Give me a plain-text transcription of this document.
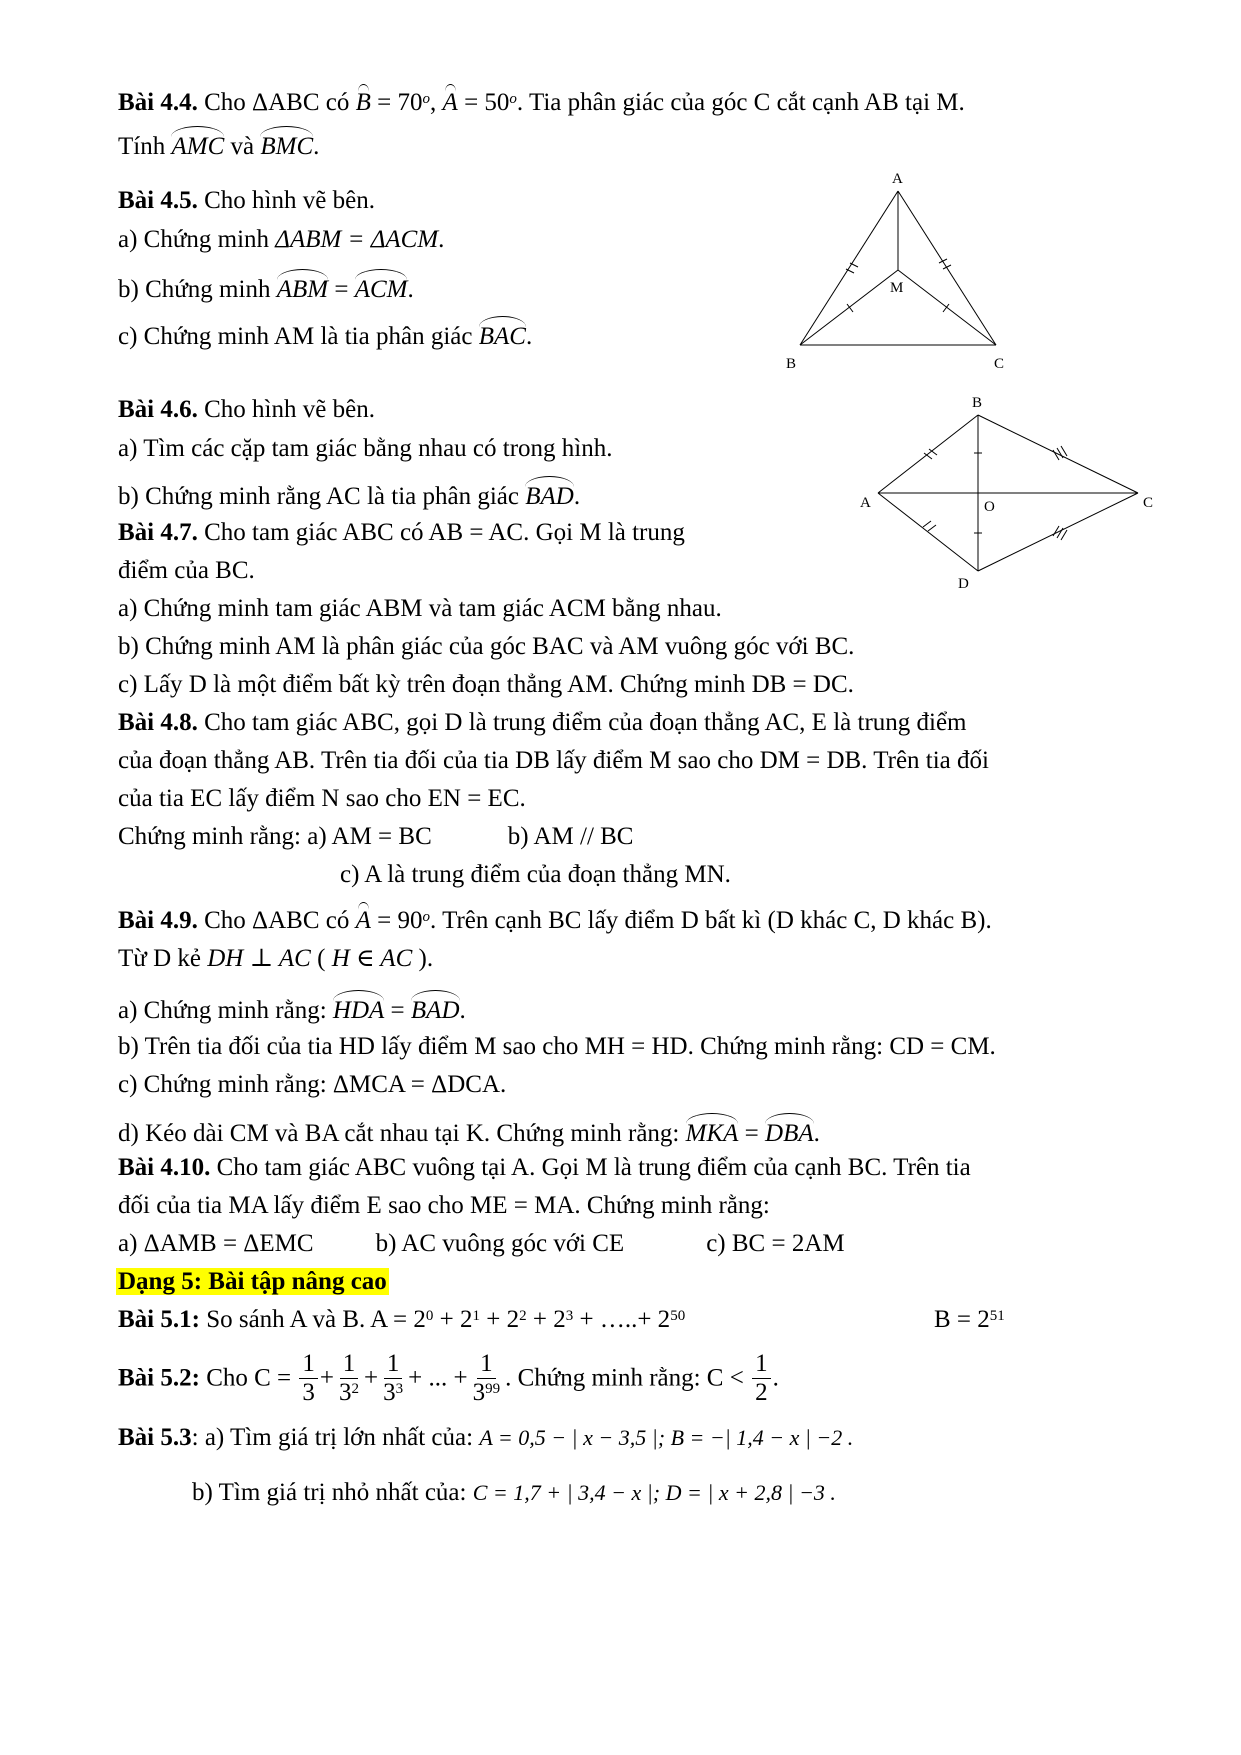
Bài 4.4. Cho ΔABC có $B = 70^o$, $A = 50^o$. Tia phân giác của góc C cắt cạnh AB tại M.
Tính AMC và BMC.
Bài 4.5. Cho hình vẽ bên.
a) Chứng minh ΔABM = ΔACM.
b) Chứng minh ABM = ACM.
c) Chứng minh AM là tia phân giác BAC.
A
B	C
M
Bài 4.6. Cho hình vẽ bên.
a) Tìm các cặp tam giác bằng nhau có trong hình.
b) Chứng minh rằng AC là tia phân giác BAD.
B
A	C
O
D
Bài 4.7. Cho tam giác ABC có AB = AC. Gọi M là trung
điểm của BC.
a) Chứng minh tam giác ABM và tam giác ACM bằng nhau.
b) Chứng minh AM là phân giác của góc BAC và AM vuông góc với BC.
c) Lấy D là một điểm bất kỳ trên đoạn thẳng AM. Chứng minh DB = DC.
Bài 4.8. Cho tam giác ABC, gọi D là trung điểm của đoạn thẳng AC, E là trung điểm
của đoạn thẳng AB. Trên tia đối của tia DB lấy điểm M sao cho DM = DB. Trên tia đối
của tia EC lấy điểm N sao cho EN = EC.
Chứng minh rằng: a) AM = BC	b) AM // BC
c) A là trung điểm của đoạn thẳng MN.
Bài 4.9. Cho ΔABC có $A = 90^o$. Trên cạnh BC lấy điểm D bất kì (D khác C, D khác B).
Từ D kẻ DH ⊥ AC ( H ∈ AC ).
a) Chứng minh rằng: HDA = BAD.
b) Trên tia đối của tia HD lấy điểm M sao cho MH = HD. Chứng minh rằng: CD = CM.
c) Chứng minh rằng: ΔMCA = ΔDCA.
d) Kéo dài CM và BA cắt nhau tại K. Chứng minh rằng: MKA = DBA.
Bài 4.10. Cho tam giác ABC vuông tại A. Gọi M là trung điểm của cạnh BC. Trên tia
đối của tia MA lấy điểm E sao cho ME = MA. Chứng minh rằng:
a) ΔAMB = ΔEMC b) AC vuông góc với CE	c) BC = 2AM
Dạng 5: Bài tập nâng cao
Bài 5.1: So sánh A và B. $A = 2^0 + 2^1 + 2^2 + 2^3$ + …..+ $2^{50}$	$B = 2^{51}$
Bài 5.2: Cho $C = \frac{1}{3} + \frac{1}{3^2} + \frac{1}{3^3}$ + ... + $\frac{1}{3^{99}}$ . Chứng minh rằng: $C < \frac{1}{2}$ .
Bài 5.3: a) Tìm giá trị lớn nhất của: A = 0,5 − | x − 3,5 |; B = −| 1,4 − x | −2 .
b) Tìm giá trị nhỏ nhất của: C = 1,7 + | 3,4 − x |; D = | x + 2,8 | −3 .
